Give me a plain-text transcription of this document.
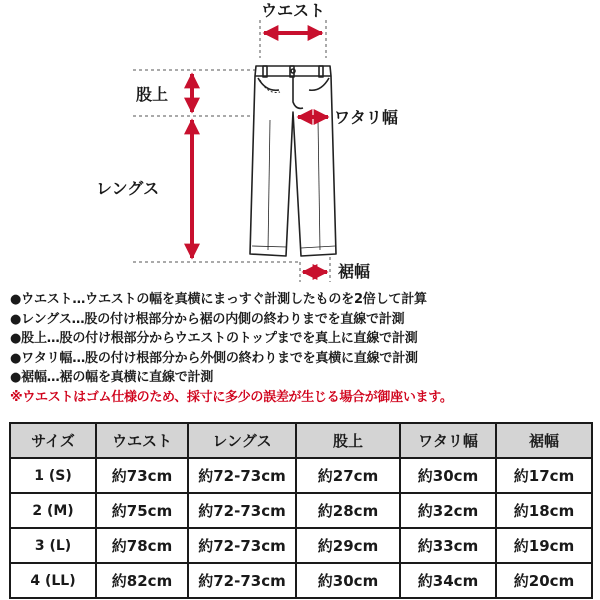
ウエスト
股上
ワタリ幅
レングス
裾幅
●ウエスト…ウエストの幅を真横にまっすぐ計測したものを2倍して計算
●レングス…股の付け根部分から裾の内側の終わりまでを直線で計測
●股上…股の付け根部分からウエストのトップまでを真上に直線で計測
●ワタリ幅…股の付け根部分から外側の終わりまでを真横に直線で計測
●裾幅…裾の幅を真横に直線で計測
※ウエストはゴム仕様のため、採寸に多少の誤差が生じる場合が御座います。
サイズ	ウエスト	レングス	股上	ワタリ幅	裾幅
1 (S)	約73cm	約72-73cm	約27cm	約30cm	約17cm
2 (M)	約75cm	約72-73cm	約28cm	約32cm	約18cm
3 (L)	約78cm	約72-73cm	約29cm	約33cm	約19cm
4 (LL)	約82cm	約72-73cm	約30cm	約34cm	約20cm
